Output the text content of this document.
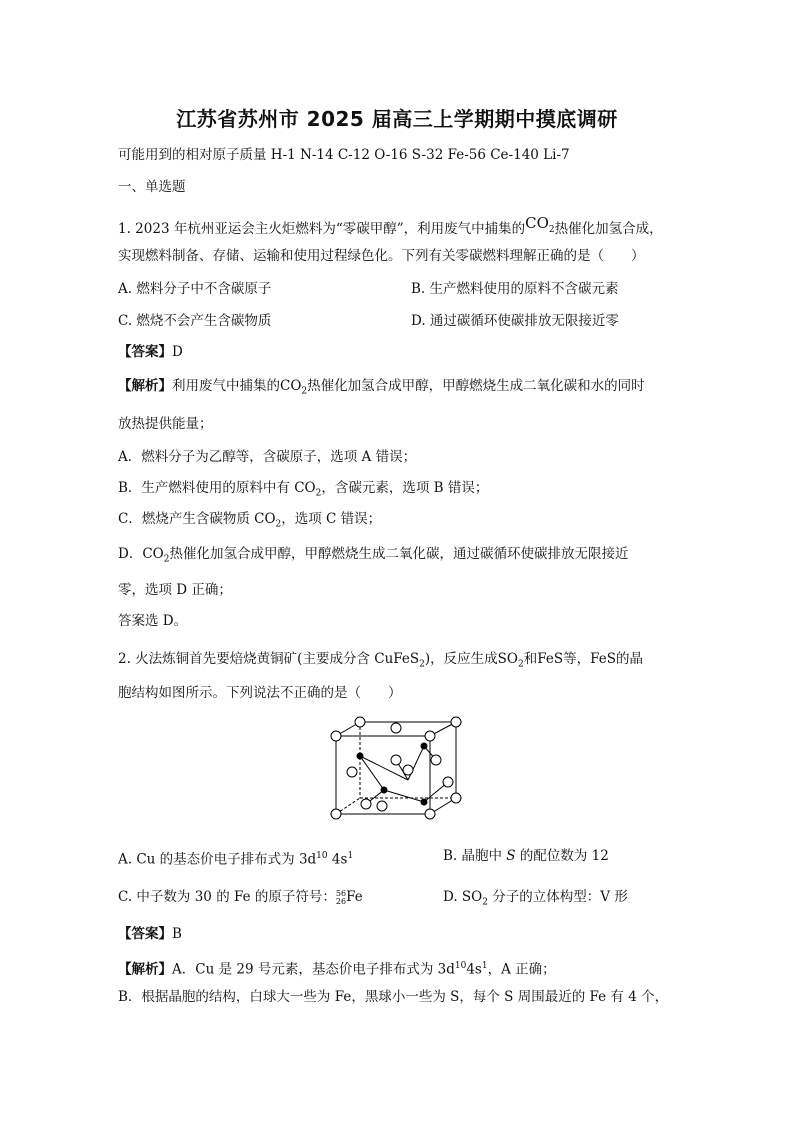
江苏省苏州市 2025 届高三上学期期中摸底调研
可能用到的相对原子质量 H-1 N-14 C-12 O-16 S-32 Fe-56 Ce-140 Li-7
一、单选题
1. 2023 年杭州亚运会主火炬燃料为“零碳甲醇”，利用废气中捕集的$CO_2$热催化加氢合成，
实现燃料制备、存储、运输和使用过程绿色化。下列有关零碳燃料理解正确的是（　　）
A. 燃料分子中不含碳原子	B. 生产燃料使用的原料不含碳元素
C. 燃烧不会产生含碳物质	D. 通过碳循环使碳排放无限接近零
【答案】D
【解析】利用废气中捕集的$CO_2$热催化加氢合成甲醇，甲醇燃烧生成二氧化碳和水的同时
放热提供能量；
A．燃料分子为乙醇等，含碳原子，选项 A 错误；
B．生产燃料使用的原料中有 $CO_2$，含碳元素，选项 B 错误；
C．燃烧产生含碳物质 $CO_2$，选项 C 错误；
D．$CO_2$热催化加氢合成甲醇，甲醇燃烧生成二氧化碳，通过碳循环使碳排放无限接近
零，选项 D 正确；
答案选 D。
2. 火法炼铜首先要焙烧黄铜矿(主要成分含 CuFeS$_2$)，反应生成$SO_2$和FeS等，FeS的晶
胞结构如图所示。下列说法不正确的是（　　）
A. Cu 的基态价电子排布式为 $3d^{10}$ $4s^1$	B. 晶胞中 S 的配位数为 12
C. 中子数为 30 的 Fe 的原子符号：56
26Fe	D. $SO_2$ 分子的立体构型：V 形
【答案】B
【解析】A．Cu 是 29 号元素，基态价电子排布式为 $3d^{10}4s^1$，A 正确；
B．根据晶胞的结构，白球大一些为 Fe，黑球小一些为 S，每个 S 周围最近的 Fe 有 4 个，
